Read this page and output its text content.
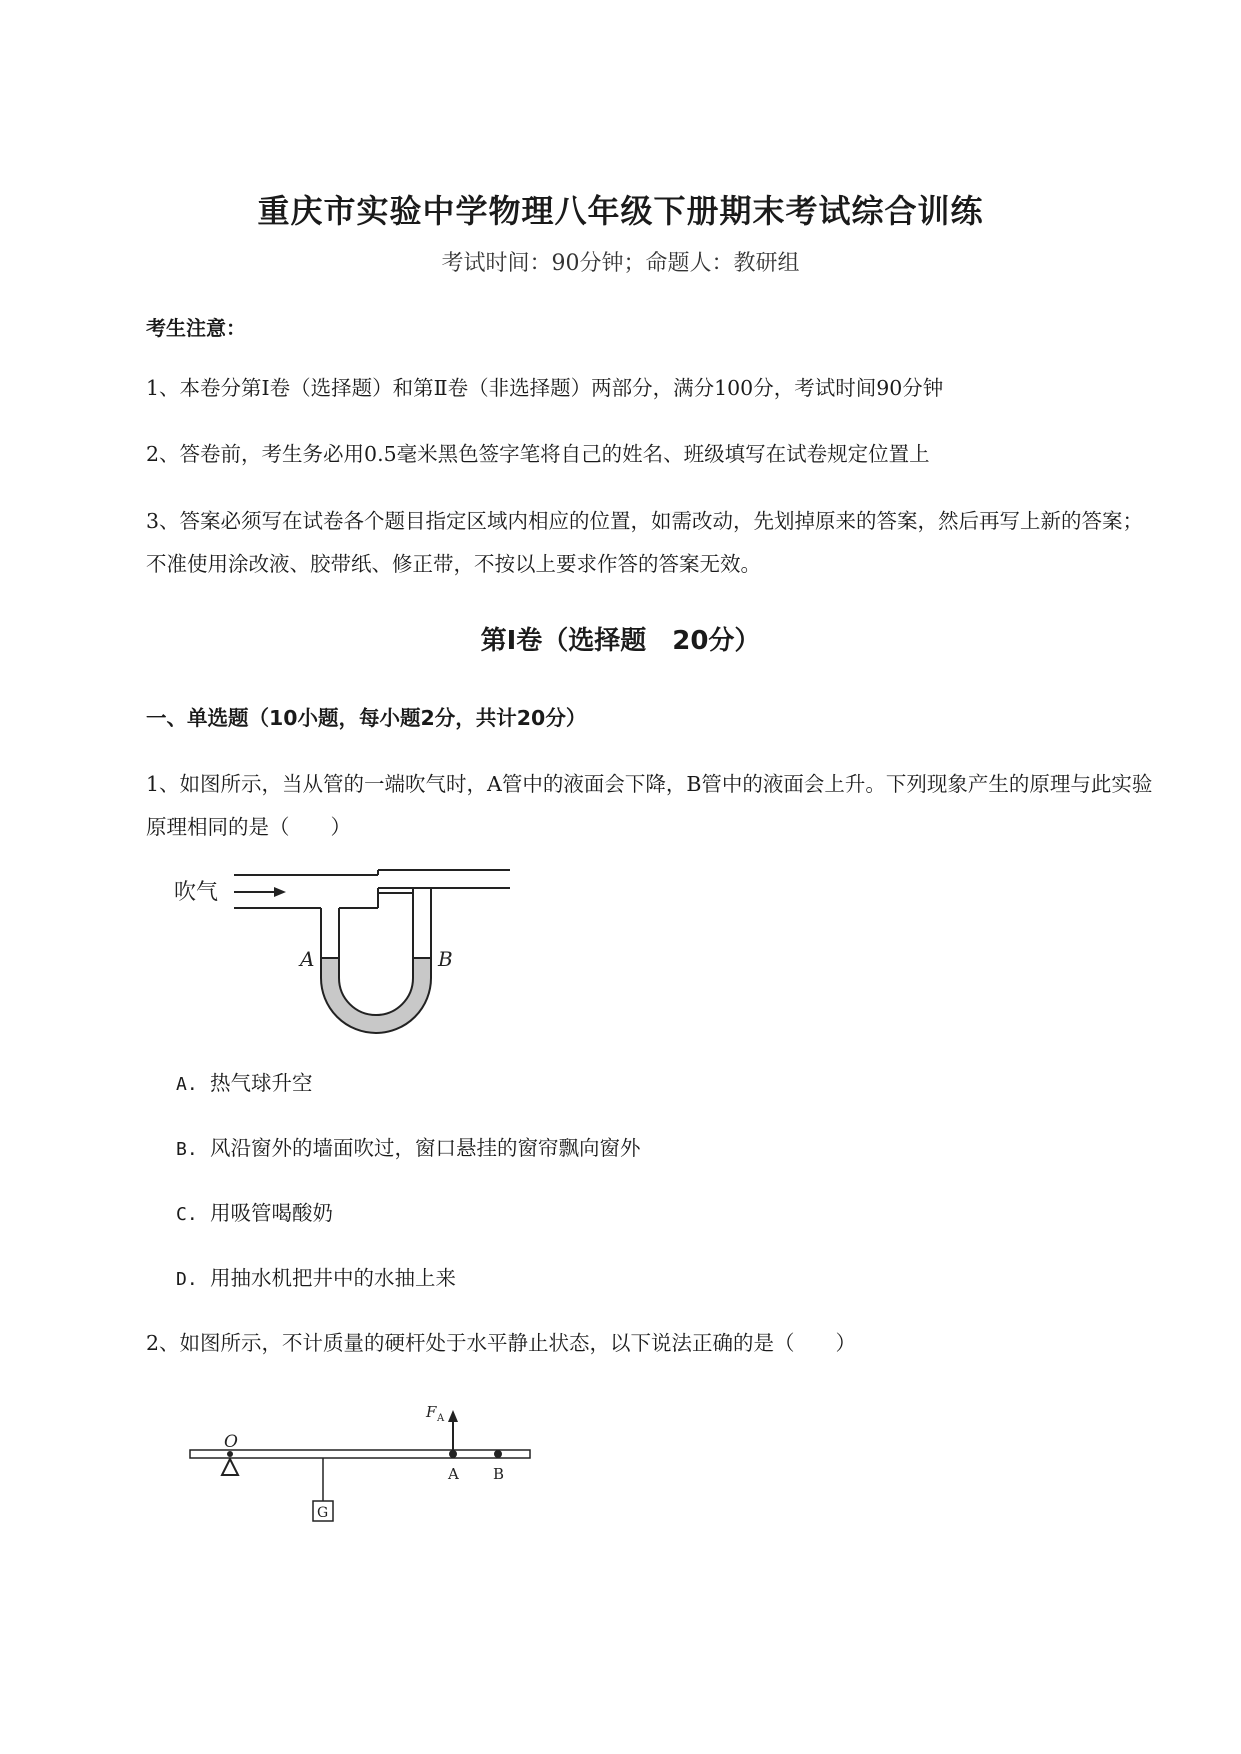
重庆市实验中学物理八年级下册期末考试综合训练
考试时间：90分钟；命题人：教研组
考生注意：
1、本卷分第Ⅰ卷（选择题）和第Ⅱ卷（非选择题）两部分，满分100分，考试时间90分钟
2、答卷前，考生务必用0.5毫米黑色签字笔将自己的姓名、班级填写在试卷规定位置上
3、答案必须写在试卷各个题目指定区域内相应的位置，如需改动，先划掉原来的答案，然后再写上新的答案；不准使用涂改液、胶带纸、修正带，不按以上要求作答的答案无效。
第Ⅰ卷（选择题　20分）
一、单选题（10小题，每小题2分，共计20分）
1、如图所示，当从管的一端吹气时，A管中的液面会下降，B管中的液面会上升。下列现象产生的原理与此实验原理相同的是（　　）
吹气
A	B
A. 热气球升空
B. 风沿窗外的墙面吹过，窗口悬挂的窗帘飘向窗外
C. 用吸管喝酸奶
D. 用抽水机把井中的水抽上来
2、如图所示，不计质量的硬杆处于水平静止状态，以下说法正确的是（　　）
O
G
F A
A B
